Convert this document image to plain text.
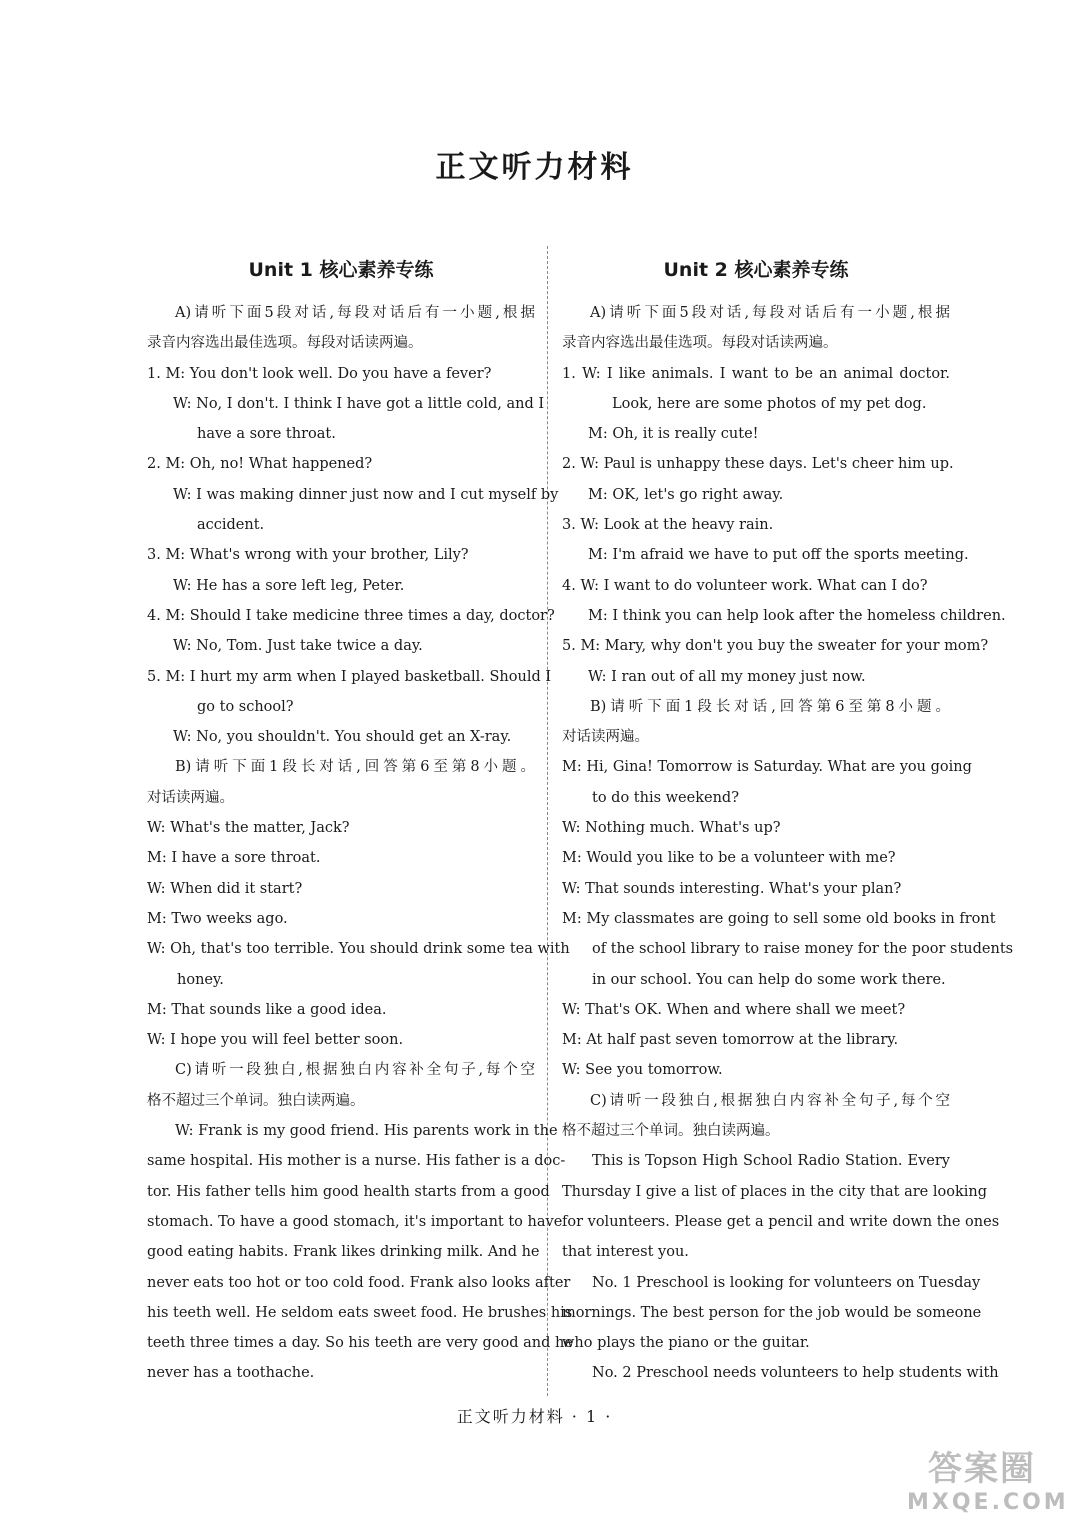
正文听力材料
Unit 1 核心素养专练
A)请听下面5段对话,每段对话后有一小题,根据
录音内容选出最佳选项。每段对话读两遍。
1. M: You don't look well. Do you have a fever?
W: No, I don't. I think I have got a little cold, and I
have a sore throat.
2. M: Oh, no! What happened?
W: I was making dinner just now and I cut myself by
accident.
3. M: What's wrong with your brother, Lily?
W: He has a sore left leg, Peter.
4. M: Should I take medicine three times a day, doctor?
W: No, Tom. Just take twice a day.
5. M: I hurt my arm when I played basketball. Should I
go to school?
W: No, you shouldn't. You should get an X-ray.
B)请听下面1段长对话,回答第6至第8小题。
对话读两遍。
W: What's the matter, Jack?
M: I have a sore throat.
W: When did it start?
M: Two weeks ago.
W: Oh, that's too terrible. You should drink some tea with
honey.
M: That sounds like a good idea.
W: I hope you will feel better soon.
C)请听一段独白,根据独白内容补全句子,每个空
格不超过三个单词。独白读两遍。
W: Frank is my good friend. His parents work in the
same hospital. His mother is a nurse. His father is a doc-
tor. His father tells him good health starts from a good
stomach. To have a good stomach, it's important to have
good eating habits. Frank likes drinking milk. And he
never eats too hot or too cold food. Frank also looks after
his teeth well. He seldom eats sweet food. He brushes his
teeth three times a day. So his teeth are very good and he
never has a toothache.
Unit 2 核心素养专练
A)请听下面5段对话,每段对话后有一小题,根据
录音内容选出最佳选项。每段对话读两遍。
1. W: I like animals. I want to be an animal doctor.
Look, here are some photos of my pet dog.
M: Oh, it is really cute!
2. W: Paul is unhappy these days. Let's cheer him up.
M: OK, let's go right away.
3. W: Look at the heavy rain.
M: I'm afraid we have to put off the sports meeting.
4. W: I want to do volunteer work. What can I do?
M: I think you can help look after the homeless children.
5. M: Mary, why don't you buy the sweater for your mom?
W: I ran out of all my money just now.
B)请听下面1段长对话,回答第6至第8小题。
对话读两遍。
M: Hi, Gina! Tomorrow is Saturday. What are you going
to do this weekend?
W: Nothing much. What's up?
M: Would you like to be a volunteer with me?
W: That sounds interesting. What's your plan?
M: My classmates are going to sell some old books in front
of the school library to raise money for the poor students
in our school. You can help do some work there.
W: That's OK. When and where shall we meet?
M: At half past seven tomorrow at the library.
W: See you tomorrow.
C)请听一段独白,根据独白内容补全句子,每个空
格不超过三个单词。独白读两遍。
This is Topson High School Radio Station. Every
Thursday I give a list of places in the city that are looking
for volunteers. Please get a pencil and write down the ones
that interest you.
No. 1 Preschool is looking for volunteers on Tuesday
mornings. The best person for the job would be someone
who plays the piano or the guitar.
No. 2 Preschool needs volunteers to help students with
正文听力材料 · 1 ·
答案圈
MXQE.COM
